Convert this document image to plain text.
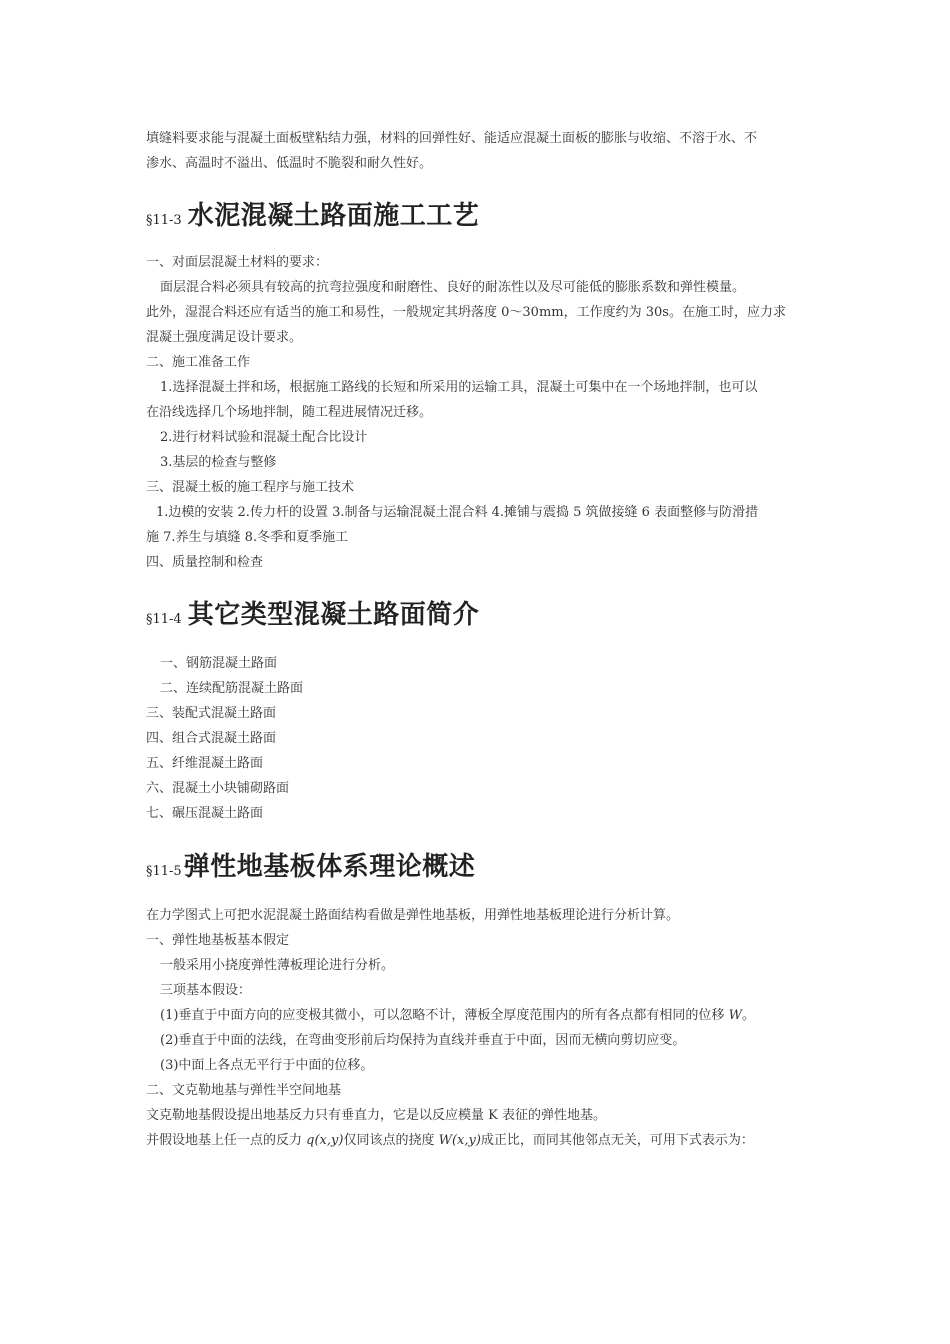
填缝料要求能与混凝土面板壁粘结力强，材料的回弹性好、能适应混凝土面板的膨胀与收缩、不溶于水、不

渗水、高温时不溢出、低温时不脆裂和耐久性好。

§11-3 水泥混凝土路面施工工艺

一、对面层混凝土材料的要求：

面层混合料必须具有较高的抗弯拉强度和耐磨性、良好的耐冻性以及尽可能低的膨胀系数和弹性模量。

此外，湿混合料还应有适当的施工和易性，一般规定其坍落度 0～30mm，工作度约为 30s。在施工时，应力求

混凝土强度满足设计要求。

二、施工准备工作

1.选择混凝土拌和场，根据施工路线的长短和所采用的运输工具，混凝土可集中在一个场地拌制，也可以

在沿线选择几个场地拌制，随工程进展情况迁移。

2.进行材料试验和混凝土配合比设计

3.基层的检查与整修

三、混凝土板的施工程序与施工技术

1.边模的安装 2.传力杆的设置 3.制备与运输混凝土混合料 4.摊铺与震捣 5 筑做接缝 6 表面整修与防滑措

施 7.养生与填缝 8.冬季和夏季施工

四、质量控制和检查

§11-4 其它类型混凝土路面简介

一、钢筋混凝土路面

二、连续配筋混凝土路面

三、装配式混凝土路面

四、组合式混凝土路面

五、纤维混凝土路面

六、混凝土小块铺砌路面

七、碾压混凝土路面

§11-5 弹性地基板体系理论概述

在力学图式上可把水泥混凝土路面结构看做是弹性地基板，用弹性地基板理论进行分析计算。

一、弹性地基板基本假定

一般采用小挠度弹性薄板理论进行分析。

三项基本假设：

(1)垂直于中面方向的应变极其微小，可以忽略不计，薄板全厚度范围内的所有各点都有相同的位移 W。

(2)垂直于中面的法线，在弯曲变形前后均保持为直线并垂直于中面，因而无横向剪切应变。

(3)中面上各点无平行于中面的位移。

二、文克勒地基与弹性半空间地基

文克勒地基假设提出地基反力只有垂直力，它是以反应模量 K 表征的弹性地基。

并假设地基上任一点的反力 q(x,y)仅同该点的挠度 W(x,y)成正比，而同其他邻点无关，可用下式表示为：
